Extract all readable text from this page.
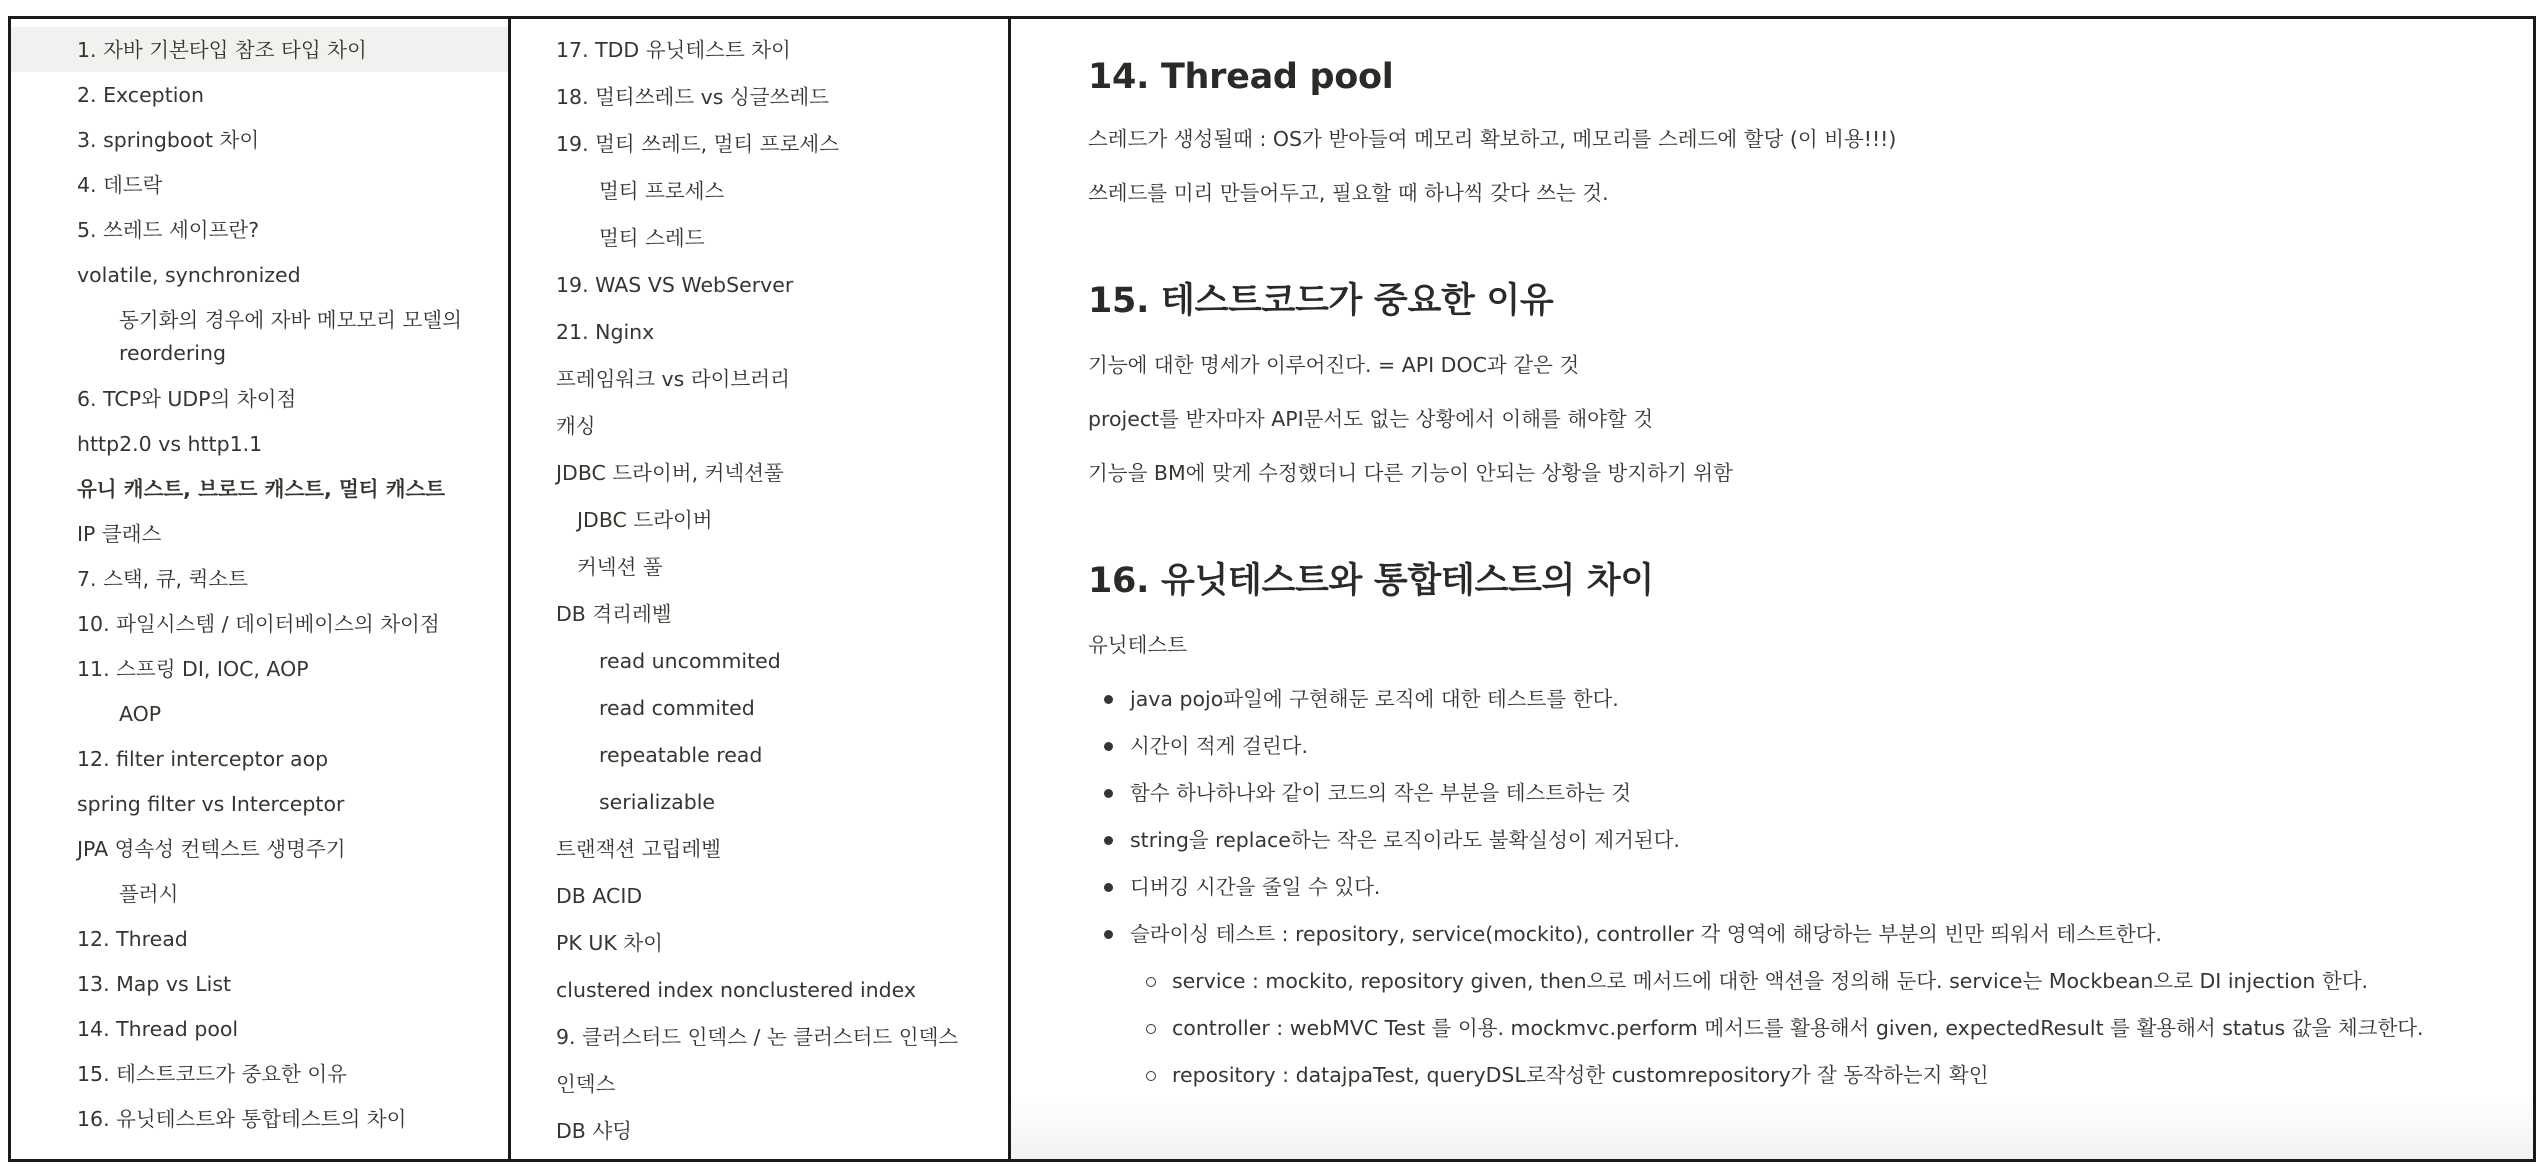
1. 자바 기본타입 참조 타입 차이
2. Exception
3. springboot 차이
4. 데드락
5. 쓰레드 세이프란?
volatile, synchronized
동기화의 경우에 자바 메모모리 모델의 reordering
6. TCP와 UDP의 차이점
http2.0 vs http1.1
유니 캐스트, 브로드 캐스트, 멀티 캐스트
IP 클래스
7. 스택, 큐, 퀵소트
10. 파일시스템 / 데이터베이스의 차이점
11. 스프링 DI, IOC, AOP
AOP
12. filter interceptor aop
spring filter vs Interceptor
JPA 영속성 컨텍스트 생명주기
플러시
12. Thread
13. Map vs List
14. Thread pool
15. 테스트코드가 중요한 이유
16. 유닛테스트와 통합테스트의 차이
17. TDD 유닛테스트 차이
18. 멀티쓰레드 vs 싱글쓰레드
19. 멀티 쓰레드, 멀티 프로세스
멀티 프로세스
멀티 스레드
19. WAS VS WebServer
21. Nginx
프레임워크 vs 라이브러리
캐싱
JDBC 드라이버, 커넥션풀
JDBC 드라이버
커넥션 풀
DB 격리레벨
read uncommited
read commited
repeatable read
serializable
트랜잭션 고립레벨
DB ACID
PK UK 차이
clustered index nonclustered index
9. 클러스터드 인덱스 / 논 클러스터드 인덱스
인덱스
DB 샤딩
14. Thread pool

스레드가 생성될때 : OS가 받아들여 메모리 확보하고, 메모리를 스레드에 할당 (이 비용!!!)

쓰레드를 미리 만들어두고, 필요할 때 하나씩 갖다 쓰는 것.

15. 테스트코드가 중요한 이유

기능에 대한 명세가 이루어진다. = API DOC과 같은 것

project를 받자마자 API문서도 없는 상황에서 이해를 해야할 것

기능을 BM에 맞게 수정했더니 다른 기능이 안되는 상황을 방지하기 위함

16. 유닛테스트와 통합테스트의 차이

유닛테스트

java pojo파일에 구현해둔 로직에 대한 테스트를 한다.
시간이 적게 걸린다.
함수 하나하나와 같이 코드의 작은 부분을 테스트하는 것
string을 replace하는 작은 로직이라도 불확실성이 제거된다.
디버깅 시간을 줄일 수 있다.
슬라이싱 테스트 : repository, service(mockito), controller 각 영역에 해당하는 부분의 빈만 띄워서 테스트한다.
service : mockito, repository given, then으로 메서드에 대한 액션을 정의해 둔다. service는 Mockbean으로 DI injection 한다.
controller : webMVC Test 를 이용. mockmvc.perform 메서드를 활용해서 given, expectedResult 를 활용해서 status 값을 체크한다.
repository : datajpaTest, queryDSL로작성한 customrepository가 잘 동작하는지 확인
